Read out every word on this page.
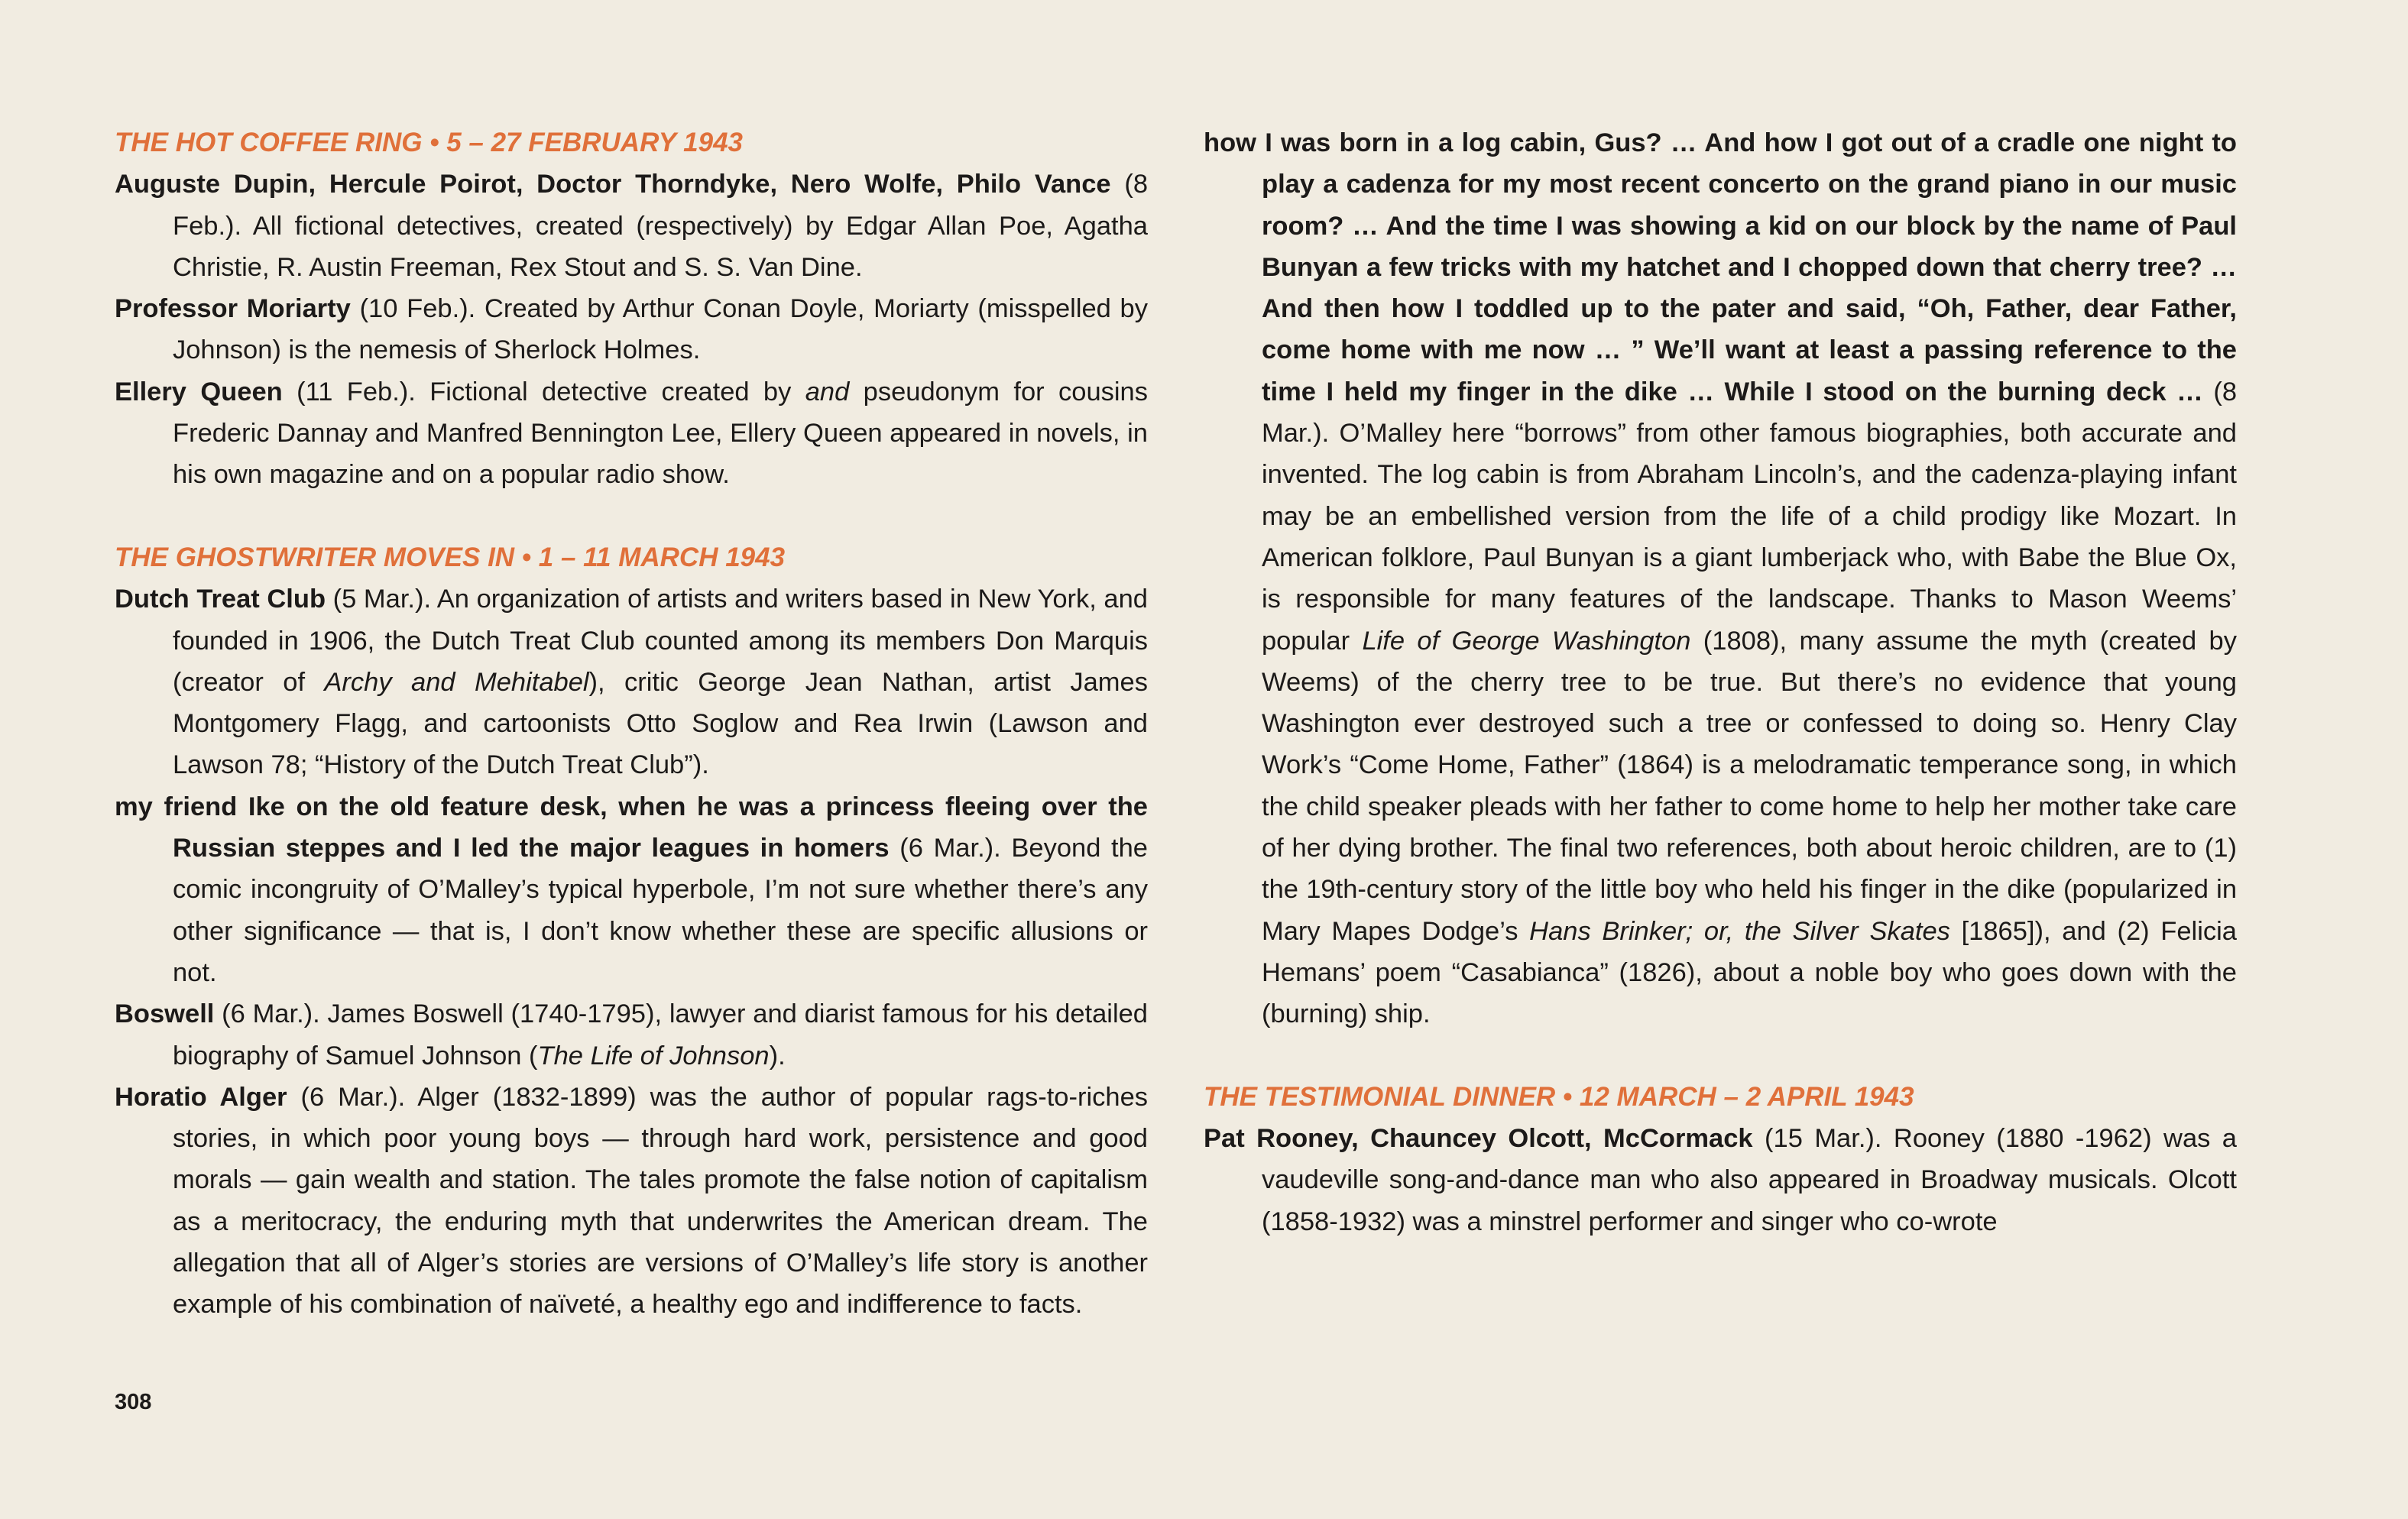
THE HOT COFFEE RING • 5 – 27 FEBRUARY 1943

Auguste Dupin, Hercule Poirot, Doctor Thorndyke, Nero Wolfe, Philo Vance (8 Feb.). All fictional detectives, created (respectively) by Edgar Allan Poe, Agatha Christie, R. Austin Freeman, Rex Stout and S. S. Van Dine.

Professor Moriarty (10 Feb.). Created by Arthur Conan Doyle, Moriarty (misspelled by Johnson) is the nemesis of Sherlock Holmes.

Ellery Queen (11 Feb.). Fictional detective created by and pseudonym for cousins Frederic Dannay and Manfred Bennington Lee, Ellery Queen appeared in novels, in his own magazine and on a popular radio show.

THE GHOSTWRITER MOVES IN • 1 – 11 MARCH 1943

Dutch Treat Club (5 Mar.). An organization of artists and writers based in New York, and founded in 1906, the Dutch Treat Club counted among its members Don Marquis (creator of Archy and Mehitabel), critic George Jean Nathan, artist James Montgomery Flagg, and cartoonists Otto Soglow and Rea Irwin (Lawson and Lawson 78; “History of the Dutch Treat Club”).

my friend Ike on the old feature desk, when he was a princess fleeing over the Russian steppes and I led the major leagues in homers (6 Mar.). Beyond the comic incongruity of O’Malley’s typical hyperbole, I’m not sure whether there’s any other significance — that is, I don’t know whether these are specific allusions or not.

Boswell (6 Mar.). James Boswell (1740-1795), lawyer and diarist famous for his detailed biography of Samuel Johnson (The Life of Johnson).

Horatio Alger (6 Mar.). Alger (1832-1899) was the author of popular rags-to-riches stories, in which poor young boys — through hard work, persistence and good morals — gain wealth and station. The tales promote the false notion of capitalism as a meritocracy, the enduring myth that underwrites the American dream. The allegation that all of Alger’s stories are versions of O’Malley’s life story is another example of his combination of naïveté, a healthy ego and indifference to facts.

how I was born in a log cabin, Gus? … And how I got out of a cradle one night to play a cadenza for my most recent concerto on the grand piano in our music room? … And the time I was showing a kid on our block by the name of Paul Bunyan a few tricks with my hatchet and I chopped down that cherry tree? … And then how I toddled up to the pater and said, “Oh, Father, dear Father, come home with me now … ” We’ll want at least a passing reference to the time I held my finger in the dike … While I stood on the burning deck … (8 Mar.). O’Malley here “borrows” from other famous biographies, both accurate and invented. The log cabin is from Abraham Lincoln’s, and the cadenza-playing infant may be an embellished version from the life of a child prodigy like Mozart. In American folklore, Paul Bunyan is a giant lumberjack who, with Babe the Blue Ox, is responsible for many features of the landscape. Thanks to Mason Weems’ popular Life of George Washington (1808), many assume the myth (created by Weems) of the cherry tree to be true. But there’s no evidence that young Washington ever destroyed such a tree or confessed to doing so. Henry Clay Work’s “Come Home, Father” (1864) is a melodramatic temperance song, in which the child speaker pleads with her father to come home to help her mother take care of her dying brother. The final two references, both about heroic children, are to (1) the 19th-century story of the little boy who held his finger in the dike (popularized in Mary Mapes Dodge’s Hans Brinker; or, the Silver Skates [1865]), and (2) Felicia Hemans’ poem “Casabianca” (1826), about a noble boy who goes down with the (burning) ship.

THE TESTIMONIAL DINNER • 12 MARCH – 2 APRIL 1943

Pat Rooney, Chauncey Olcott, McCormack (15 Mar.). Rooney (1880 -1962) was a vaudeville song-and-dance man who also appeared in Broadway musicals. Olcott (1858-1932) was a minstrel performer and singer who co-wrote

308
